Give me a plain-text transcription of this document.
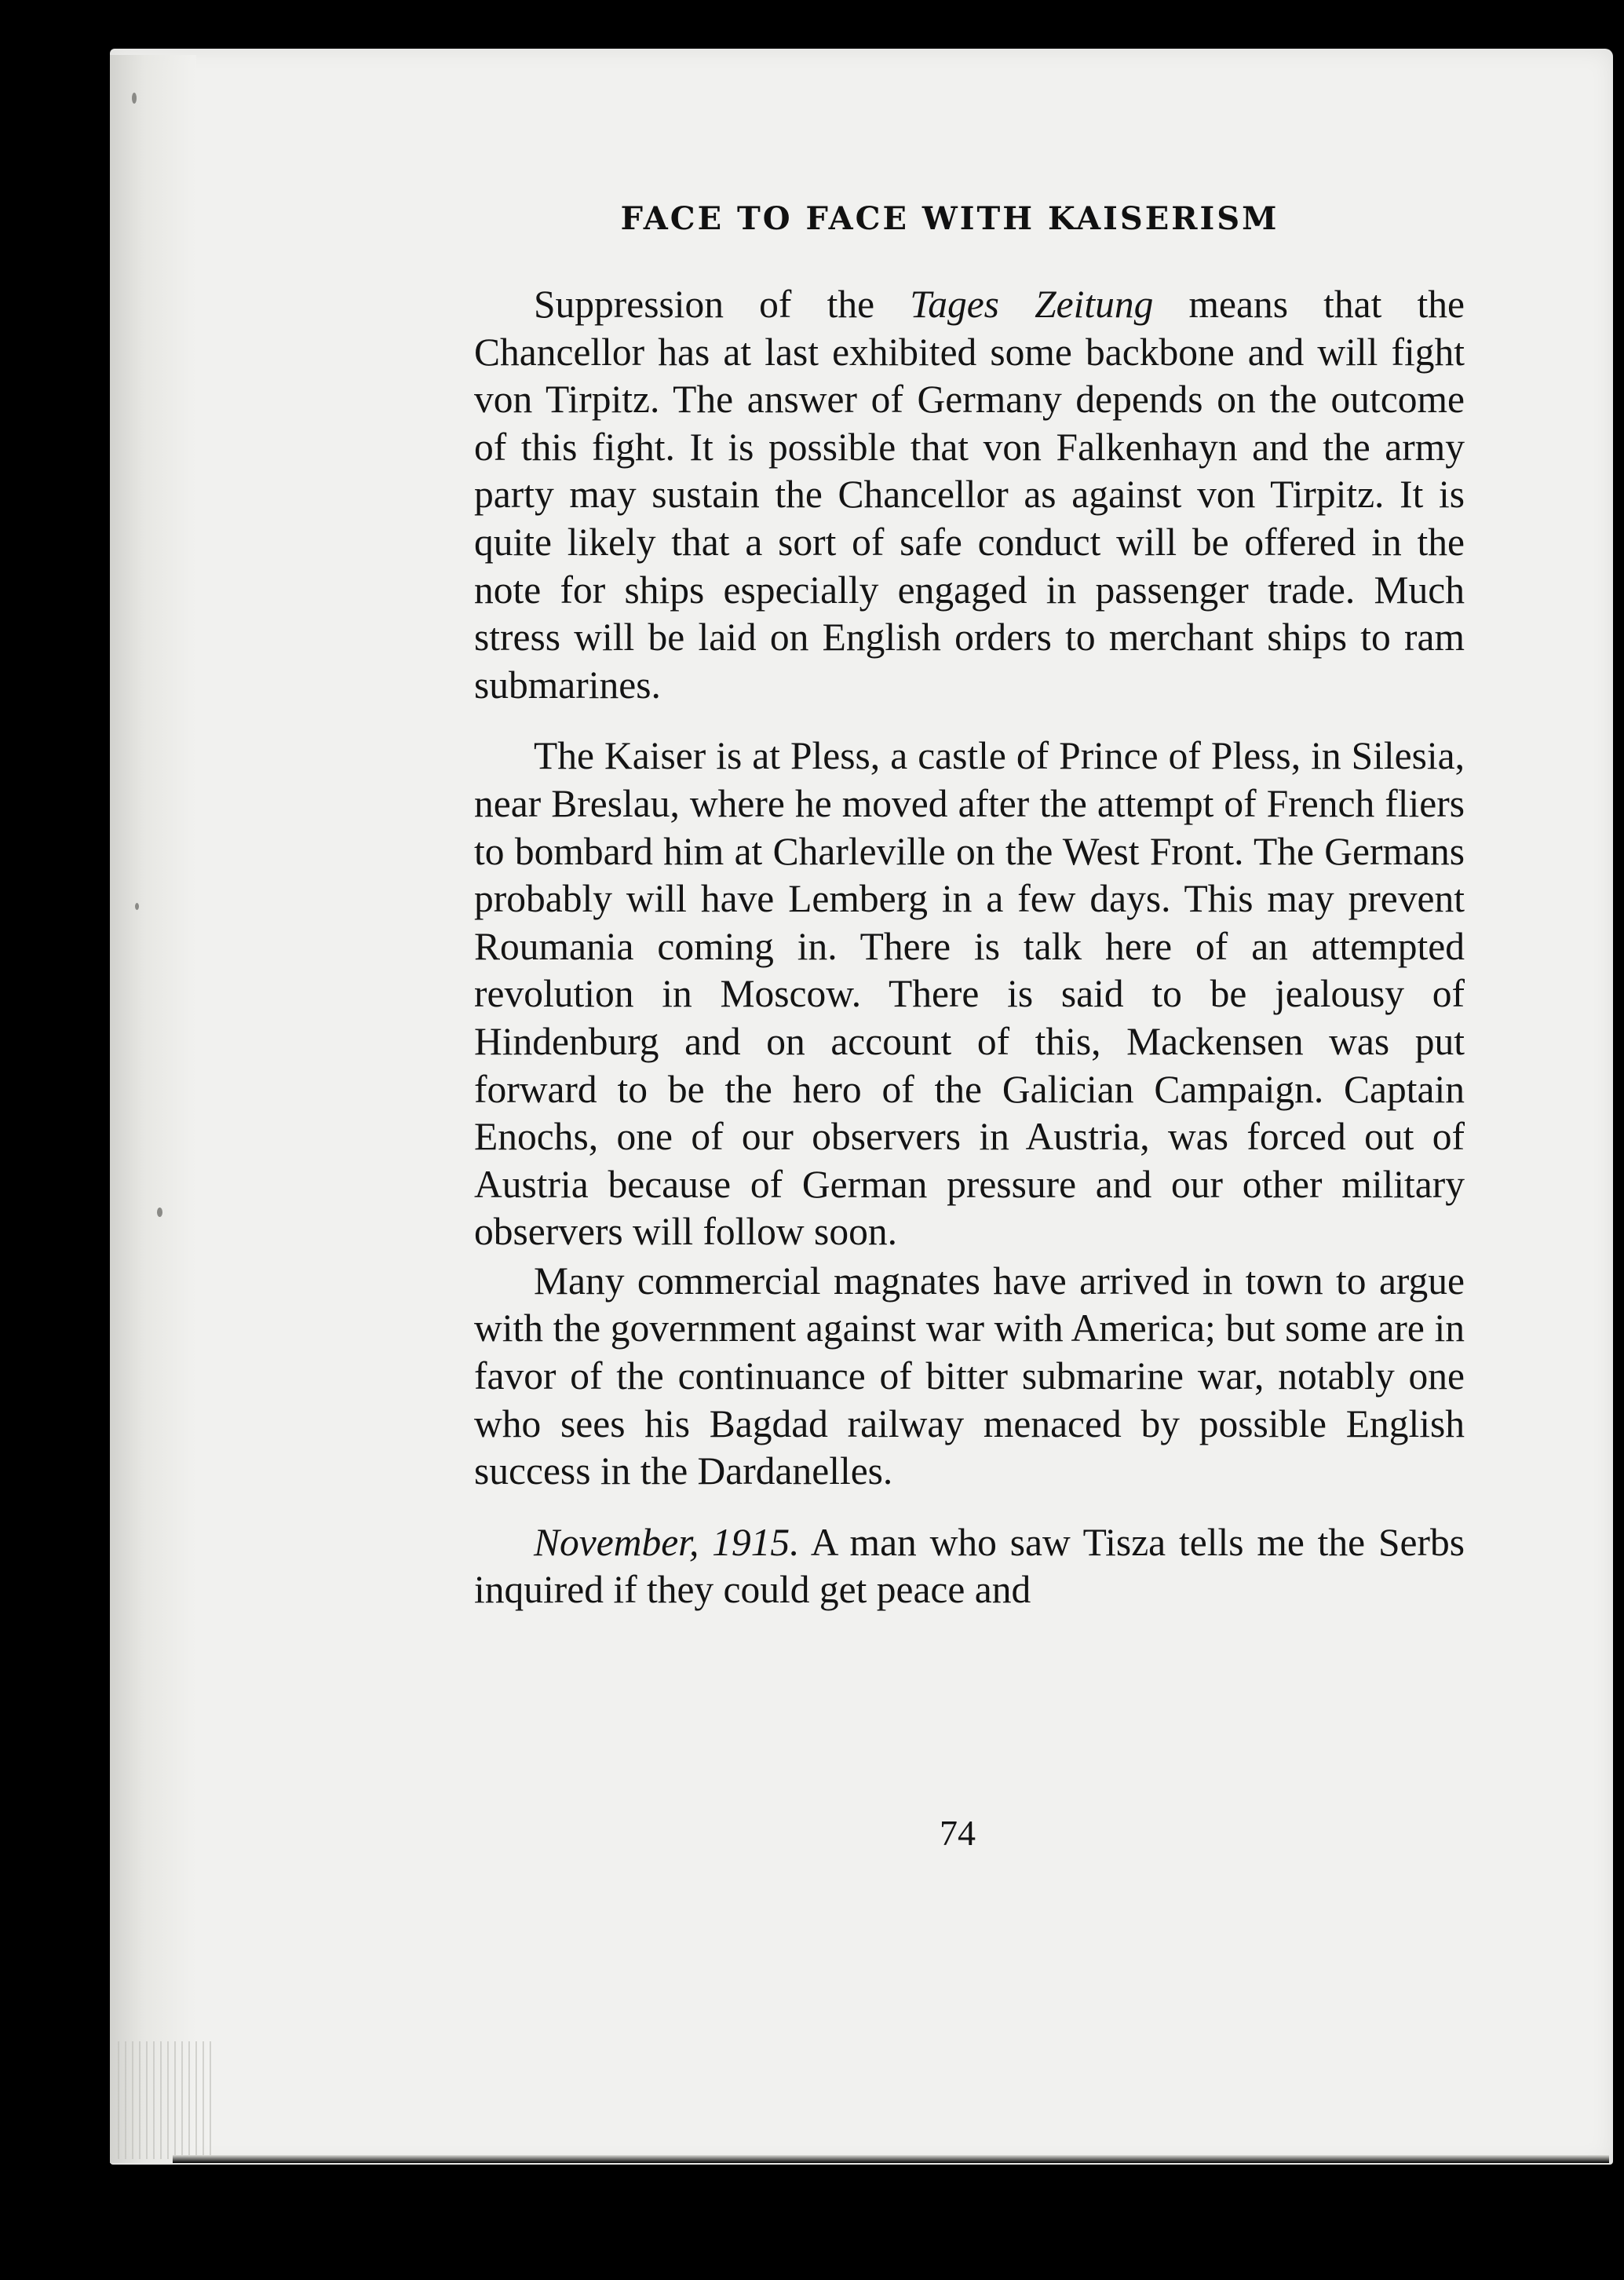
FACE TO FACE WITH KAISERISM

Suppression of the Tages Zeitung means that the Chancellor has at last exhibited some backbone and will fight von Tirpitz. The answer of Germany depends on the outcome of this fight. It is possible that von Falkenhayn and the army party may sustain the Chancellor as against von Tirpitz. It is quite likely that a sort of safe conduct will be offered in the note for ships especially engaged in passenger trade. Much stress will be laid on English orders to merchant ships to ram submarines.

The Kaiser is at Pless, a castle of Prince of Pless, in Silesia, near Breslau, where he moved after the attempt of French fliers to bombard him at Charleville on the West Front. The Germans probably will have Lemberg in a few days. This may prevent Roumania coming in. There is talk here of an attempted revolution in Moscow. There is said to be jealousy of Hindenburg and on account of this, Mackensen was put forward to be the hero of the Galician Campaign. Captain Enochs, one of our observers in Austria, was forced out of Austria because of German pressure and our other military observers will follow soon.

Many commercial magnates have arrived in town to argue with the government against war with America; but some are in favor of the continuance of bitter submarine war, notably one who sees his Bagdad railway menaced by possible English success in the Dardanelles.

November, 1915. A man who saw Tisza tells me the Serbs inquired if they could get peace and

74
